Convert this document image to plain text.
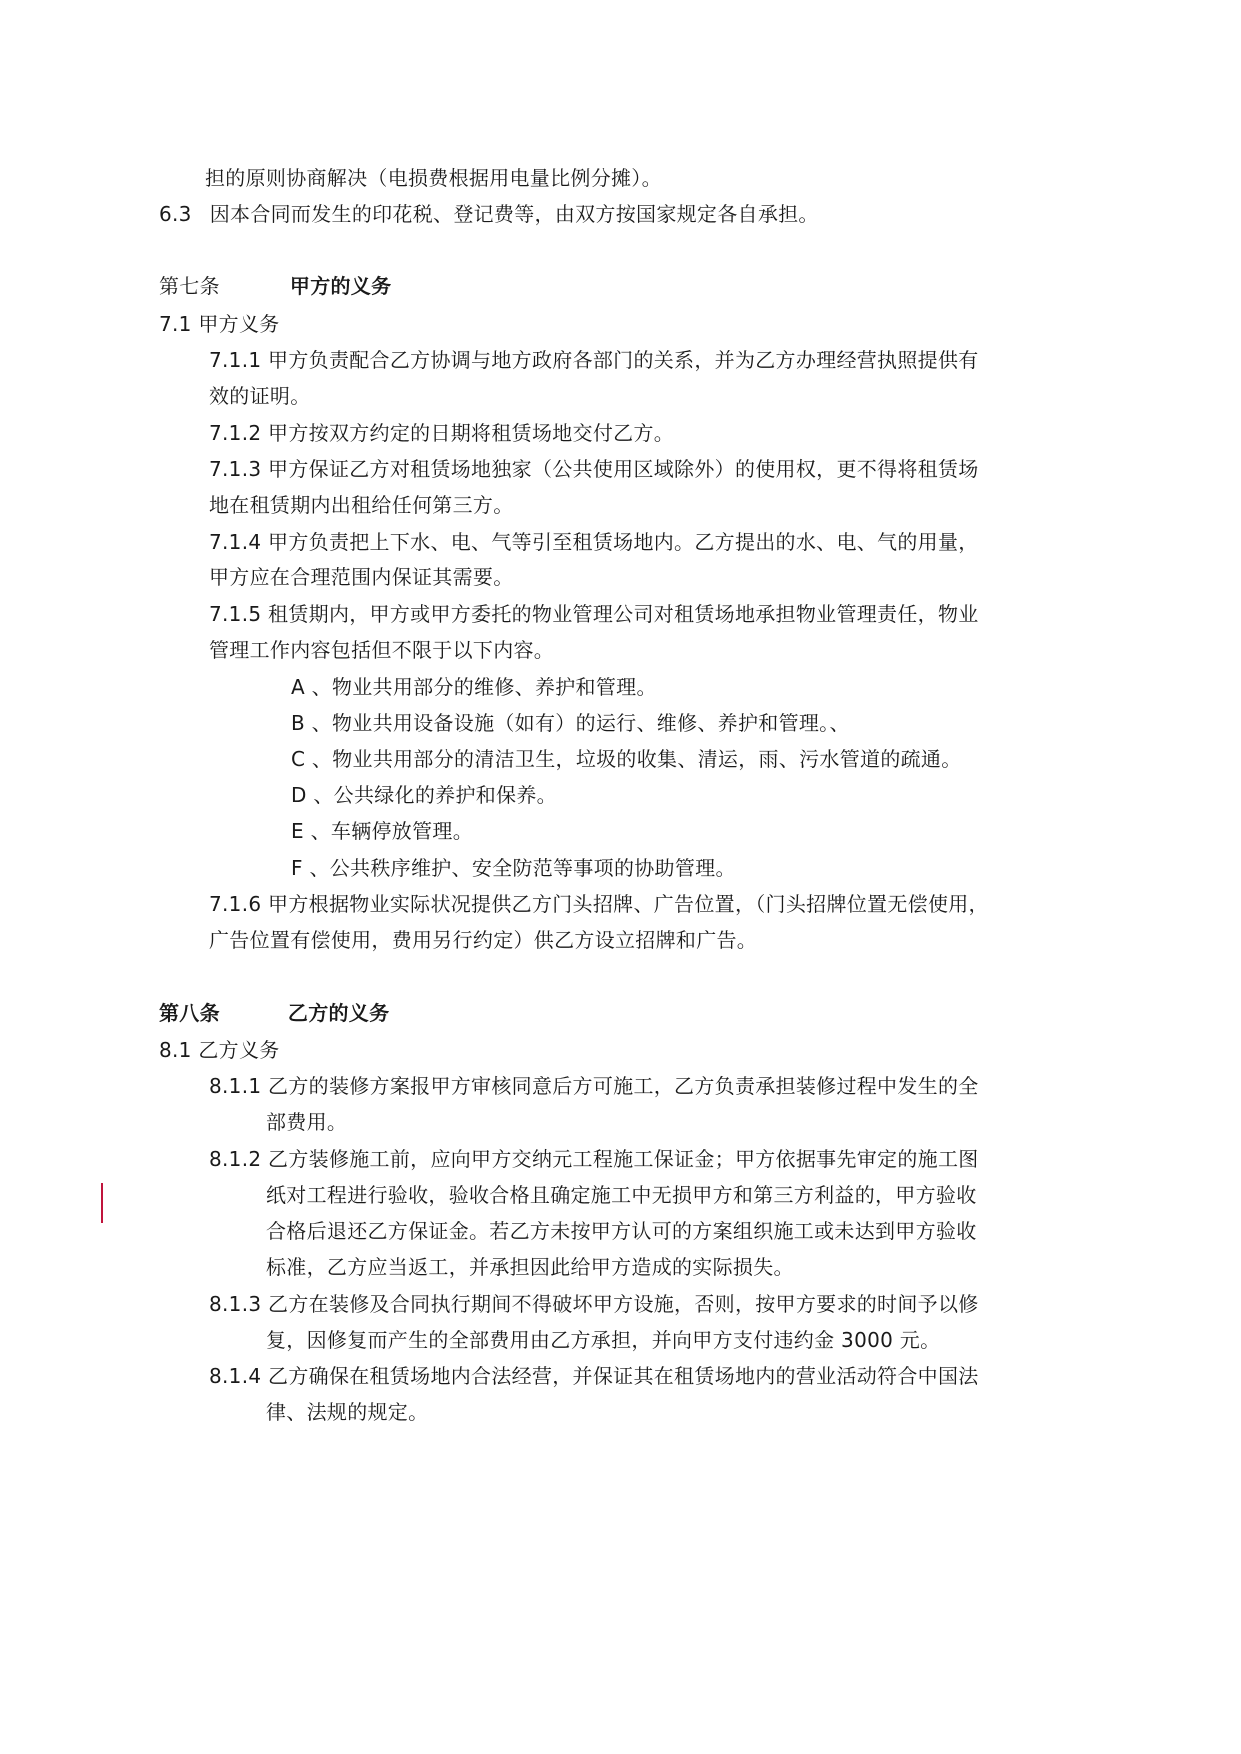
担的原则协商解决（电损费根据用电量比例分摊）。
6.3 因本合同而发生的印花税、登记费等，由双方按国家规定各自承担。
第七条	甲方的义务
7.1 甲方义务
7.1.1 甲方负责配合乙方协调与地方政府各部门的关系，并为乙方办理经营执照提供有
效的证明。
7.1.2 甲方按双方约定的日期将租赁场地交付乙方。
7.1.3 甲方保证乙方对租赁场地独家（公共使用区域除外）的使用权，更不得将租赁场
地在租赁期内出租给任何第三方。
7.1.4 甲方负责把上下水、电、气等引至租赁场地内。乙方提出的水、电、气的用量，
甲方应在合理范围内保证其需要。
7.1.5 租赁期内，甲方或甲方委托的物业管理公司对租赁场地承担物业管理责任，物业
管理工作内容包括但不限于以下内容。
A 、物业共用部分的维修、养护和管理。
B 、物业共用设备设施（如有）的运行、维修、养护和管理。、
C 、物业共用部分的清洁卫生，垃圾的收集、清运，雨、污水管道的疏通。
D 、公共绿化的养护和保养。
E 、车辆停放管理。
F 、公共秩序维护、安全防范等事项的协助管理。
7.1.6 甲方根据物业实际状况提供乙方门头招牌、广告位置，（门头招牌位置无偿使用，
广告位置有偿使用，费用另行约定）供乙方设立招牌和广告。
第八条	乙方的义务
8.1 乙方义务
8.1.1 乙方的装修方案报甲方审核同意后方可施工，乙方负责承担装修过程中发生的全
部费用。
8.1.2 乙方装修施工前，应向甲方交纳元工程施工保证金；甲方依据事先审定的施工图
纸对工程进行验收，验收合格且确定施工中无损甲方和第三方利益的，甲方验收
合格后退还乙方保证金。若乙方未按甲方认可的方案组织施工或未达到甲方验收
标准，乙方应当返工，并承担因此给甲方造成的实际损失。
8.1.3 乙方在装修及合同执行期间不得破坏甲方设施，否则，按甲方要求的时间予以修
复，因修复而产生的全部费用由乙方承担，并向甲方支付违约金 3000 元。
8.1.4 乙方确保在租赁场地内合法经营，并保证其在租赁场地内的营业活动符合中国法
律、法规的规定。
